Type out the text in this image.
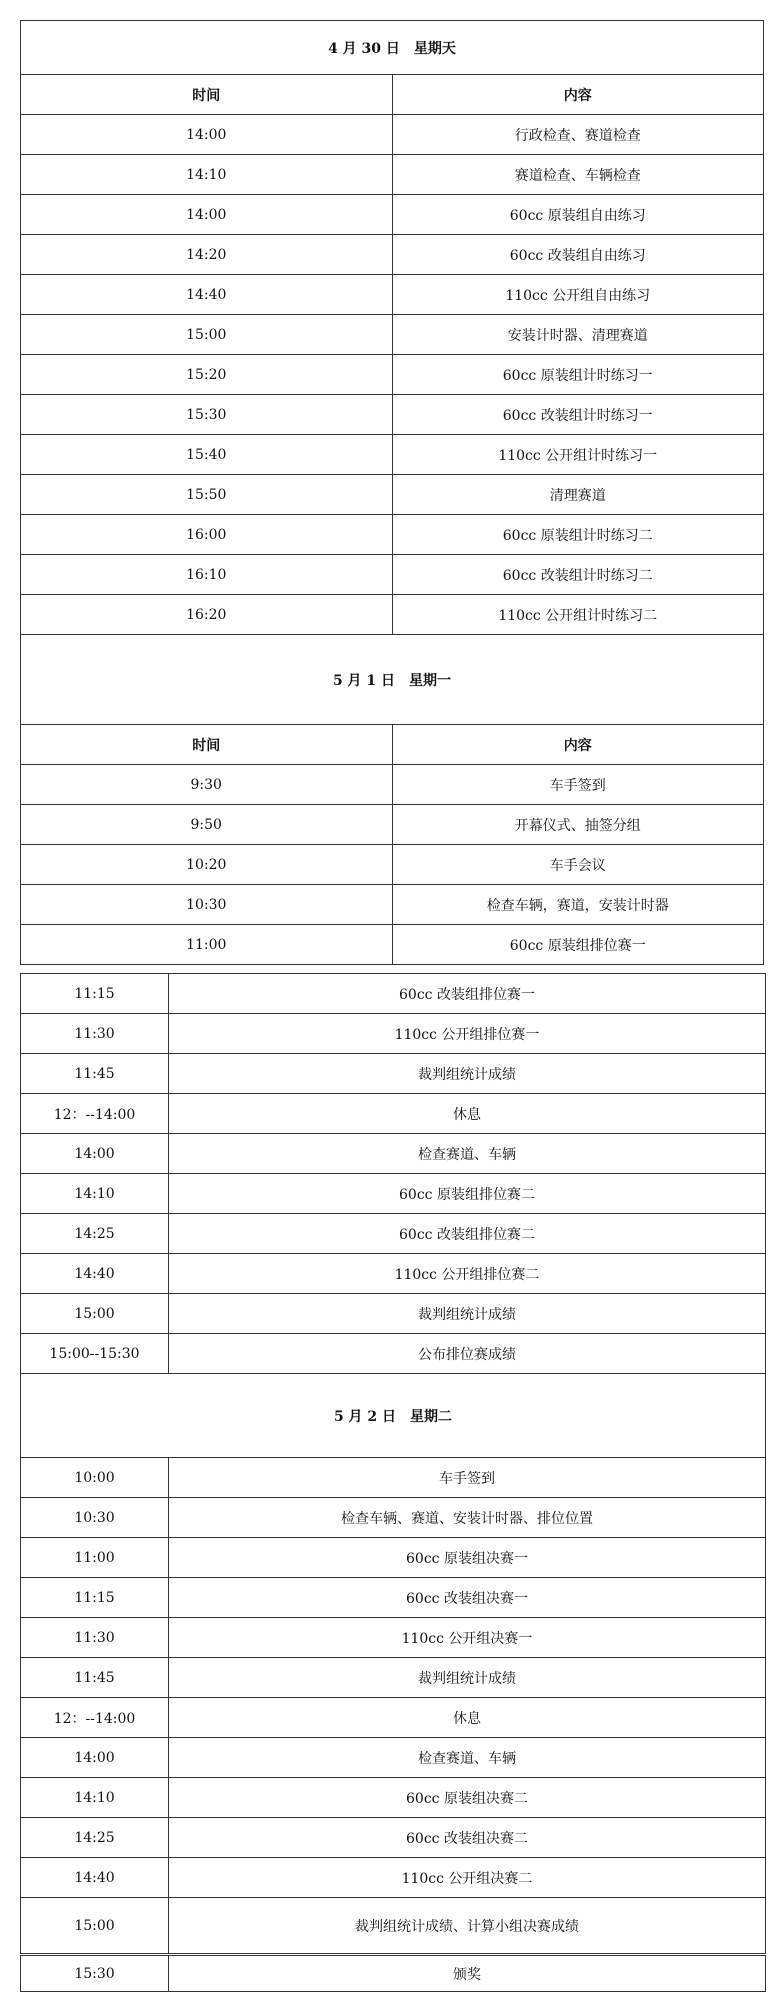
4 月 30 日　星期天	
时间	内容
14:00	行政检查、赛道检查
14:10	赛道检查、车辆检查
14:00	60cc 原装组自由练习
14:20	60cc 改装组自由练习
14:40	110cc 公开组自由练习
15:00	安装计时器、清理赛道
15:20	60cc 原装组计时练习一
15:30	60cc 改装组计时练习一
15:40	110cc 公开组计时练习一
15:50	清理赛道
16:00	60cc 原装组计时练习二
16:10	60cc 改装组计时练习二
16:20	110cc 公开组计时练习二
5 月 1 日　星期一	
时间	内容
9:30	车手签到
9:50	开幕仪式、抽签分组
10:20	车手会议
10:30	检查车辆，赛道，安装计时器
11:00	60cc 原装组排位赛一
11:15	60cc 改装组排位赛一
11:30	110cc 公开组排位赛一
11:45	裁判组统计成绩
12：--14:00	休息
14:00	检查赛道、车辆
14:10	60cc 原装组排位赛二
14:25	60cc 改装组排位赛二
14:40	110cc 公开组排位赛二
15:00	裁判组统计成绩
15:00--15:30	公布排位赛成绩
5 月 2 日　星期二	
10:00	车手签到
10:30	检查车辆、赛道、安装计时器、排位位置
11:00	60cc 原装组决赛一
11:15	60cc 改装组决赛一
11:30	110cc 公开组决赛一
11:45	裁判组统计成绩
12：--14:00	休息
14:00	检查赛道、车辆
14:10	60cc 原装组决赛二
14:25	60cc 改装组决赛二
14:40	110cc 公开组决赛二
15:00	裁判组统计成绩、计算小组决赛成绩
15:30	颁奖
